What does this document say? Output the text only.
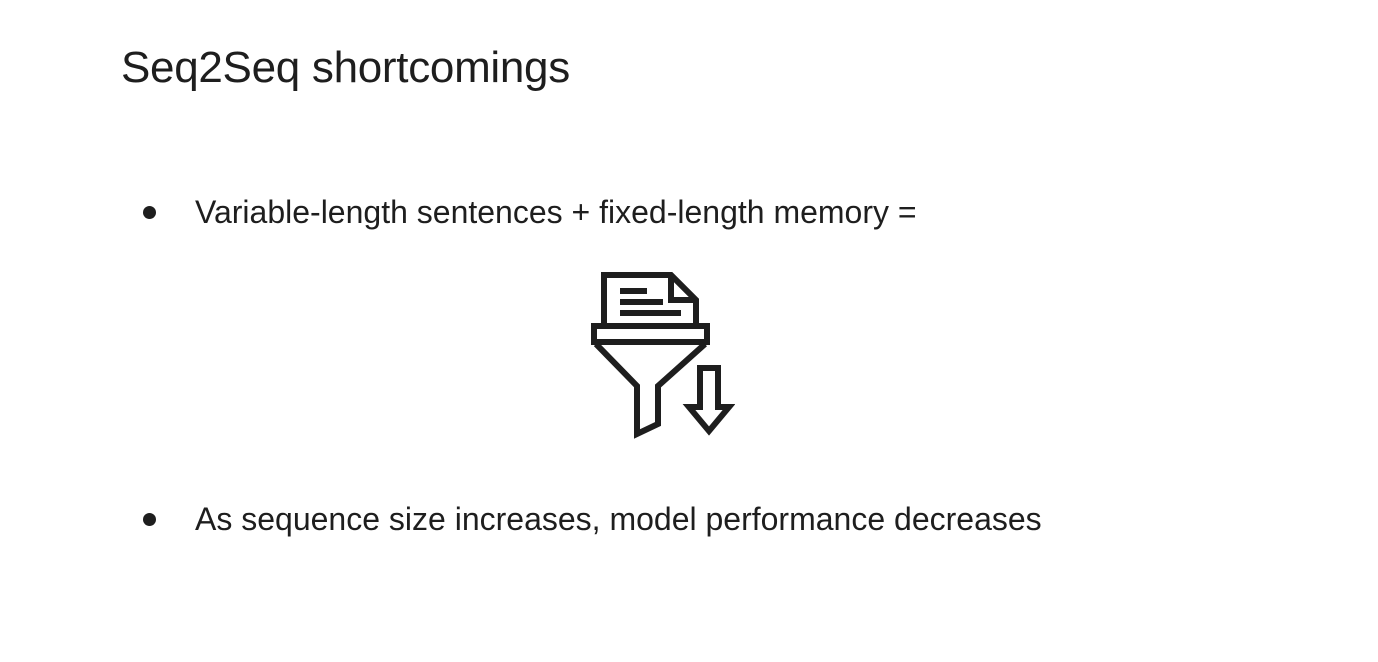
Seq2Seq shortcomings
Variable-length sentences + fixed-length memory =
As sequence size increases, model performance decreases
